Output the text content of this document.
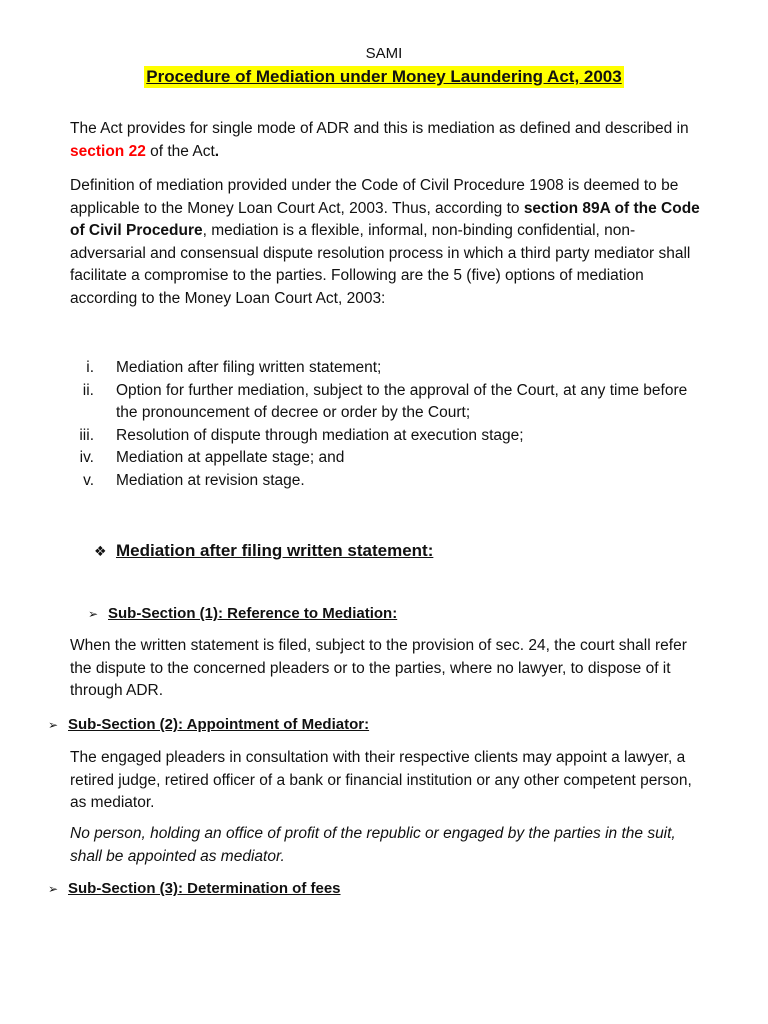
SAMI
Procedure of Mediation under Money Laundering Act, 2003
The Act provides for single mode of ADR and this is mediation as defined and described in section 22 of the Act.
Definition of mediation provided under the Code of Civil Procedure 1908 is deemed to be applicable to the Money Loan Court Act, 2003. Thus, according to section 89A of the Code of Civil Procedure, mediation is a flexible, informal, non-binding confidential, non-adversarial and consensual dispute resolution process in which a third party mediator shall facilitate a compromise to the parties. Following are the 5 (five) options of mediation according to the Money Loan Court Act, 2003:
i. Mediation after filing written statement;
ii. Option for further mediation, subject to the approval of the Court, at any time before the pronouncement of decree or order by the Court;
iii. Resolution of dispute through mediation at execution stage;
iv. Mediation at appellate stage; and
v. Mediation at revision stage.
❖ Mediation after filing written statement:
➢ Sub-Section (1): Reference to Mediation:
When the written statement is filed, subject to the provision of sec. 24, the court shall refer the dispute to the concerned pleaders or to the parties, where no lawyer, to dispose of it through ADR.
➢ Sub-Section (2): Appointment of Mediator:
The engaged pleaders in consultation with their respective clients may appoint a lawyer, a retired judge, retired officer of a bank or financial institution or any other competent person, as mediator.
No person, holding an office of profit of the republic or engaged by the parties in the suit, shall be appointed as mediator.
➢ Sub-Section (3): Determination of fees
